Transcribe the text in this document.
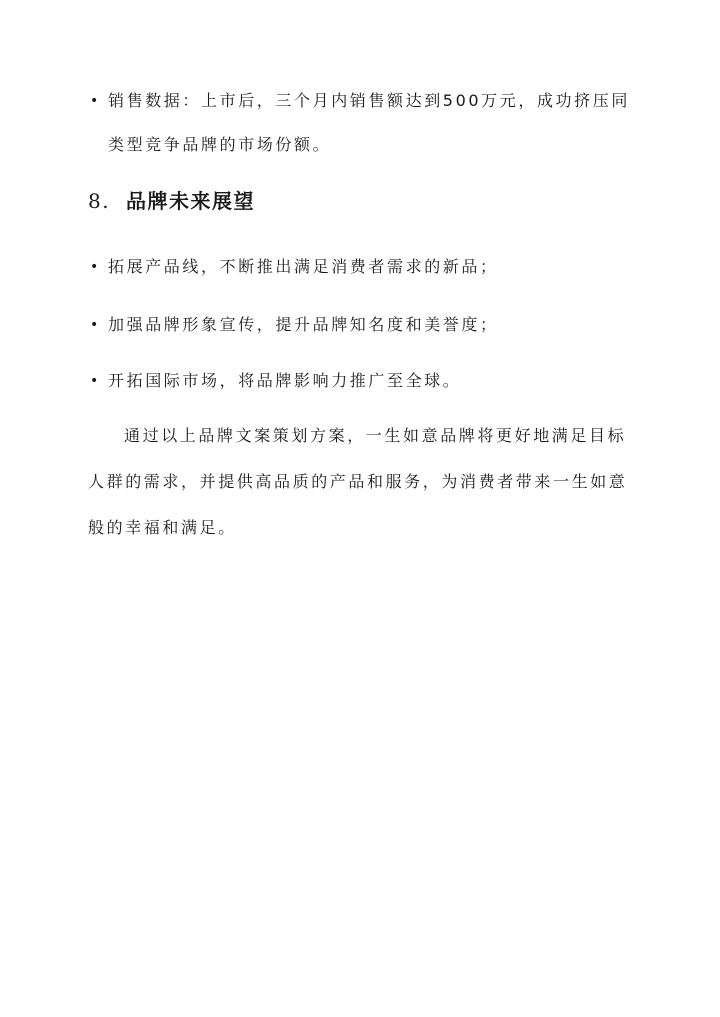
• 销售数据：上市后，三个月内销售额达到500万元，成功挤压同类型竞争品牌的市场份额。
8. 品牌未来展望
• 拓展产品线，不断推出满足消费者需求的新品；
• 加强品牌形象宣传，提升品牌知名度和美誉度；
• 开拓国际市场，将品牌影响力推广至全球。

通过以上品牌文案策划方案，一生如意品牌将更好地满足目标人群的需求，并提供高品质的产品和服务，为消费者带来一生如意般的幸福和满足。
